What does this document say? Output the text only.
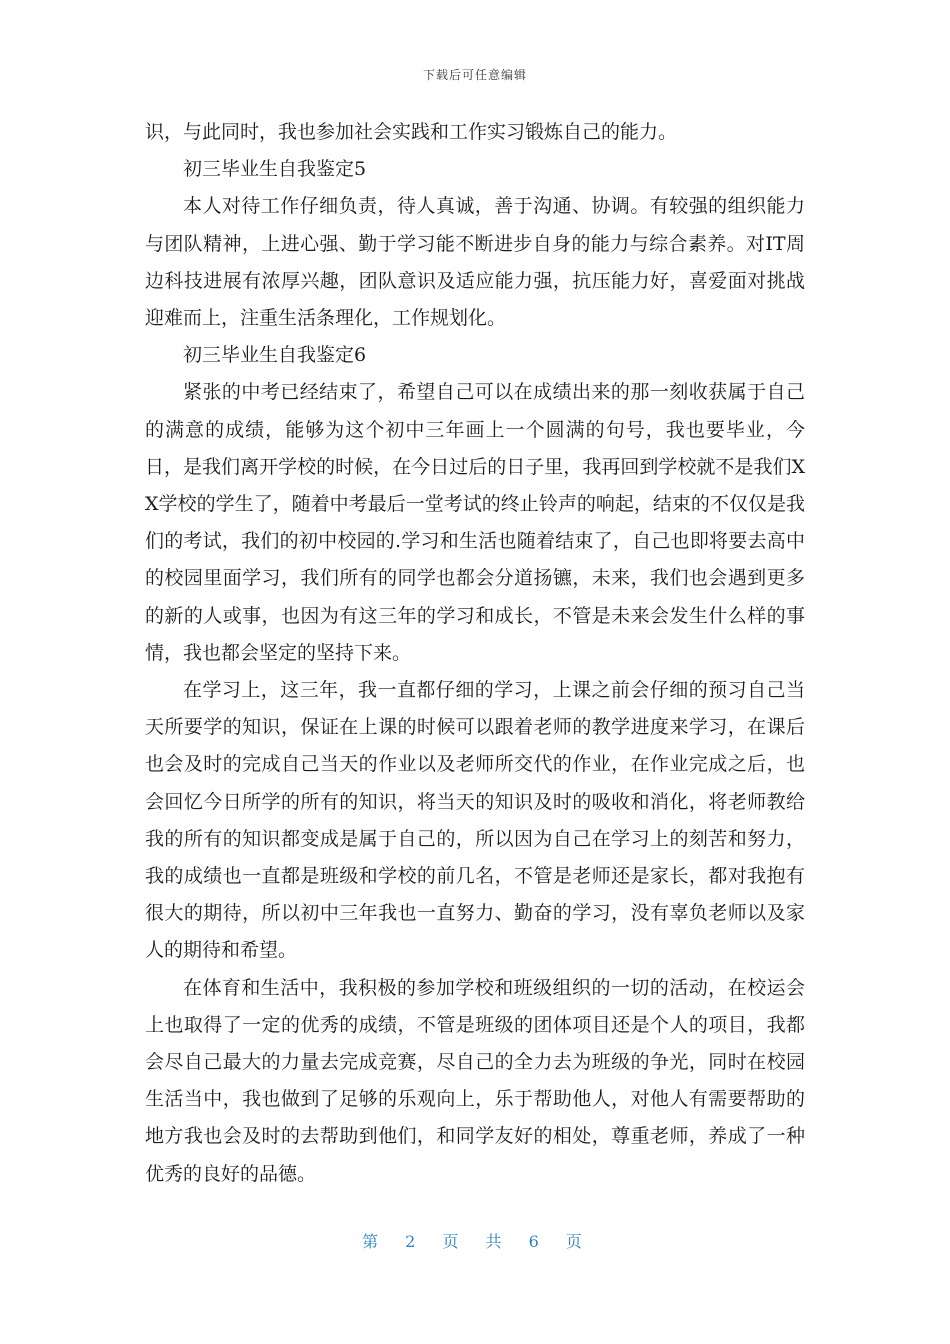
下载后可任意编辑

识，与此同时，我也参加社会实践和工作实习锻炼自己的能力。

初三毕业生自我鉴定5

本人对待工作仔细负责，待人真诚，善于沟通、协调。有较强的组织能力与团队精神，上进心强、勤于学习能不断进步自身的能力与综合素养。对IT周边科技进展有浓厚兴趣，团队意识及适应能力强，抗压能力好，喜爱面对挑战迎难而上，注重生活条理化，工作规划化。

初三毕业生自我鉴定6

紧张的中考已经结束了，希望自己可以在成绩出来的那一刻收获属于自己的满意的成绩，能够为这个初中三年画上一个圆满的句号，我也要毕业，今日，是我们离开学校的时候，在今日过后的日子里，我再回到学校就不是我们XX学校的学生了，随着中考最后一堂考试的终止铃声的响起，结束的不仅仅是我们的考试，我们的初中校园的.学习和生活也随着结束了，自己也即将要去高中的校园里面学习，我们所有的同学也都会分道扬镳，未来，我们也会遇到更多的新的人或事，也因为有这三年的学习和成长，不管是未来会发生什么样的事情，我也都会坚定的坚持下来。

在学习上，这三年，我一直都仔细的学习，上课之前会仔细的预习自己当天所要学的知识，保证在上课的时候可以跟着老师的教学进度来学习，在课后也会及时的完成自己当天的作业以及老师所交代的作业，在作业完成之后，也会回忆今日所学的所有的知识，将当天的知识及时的吸收和消化，将老师教给我的所有的知识都变成是属于自己的，所以因为自己在学习上的刻苦和努力，我的成绩也一直都是班级和学校的前几名，不管是老师还是家长，都对我抱有很大的期待，所以初中三年我也一直努力、勤奋的学习，没有辜负老师以及家人的期待和希望。

在体育和生活中，我积极的参加学校和班级组织的一切的活动，在校运会上也取得了一定的优秀的成绩，不管是班级的团体项目还是个人的项目，我都会尽自己最大的力量去完成竞赛，尽自己的全力去为班级的争光，同时在校园生活当中，我也做到了足够的乐观向上，乐于帮助他人，对他人有需要帮助的地方我也会及时的去帮助到他们，和同学友好的相处，尊重老师，养成了一种优秀的良好的品德。

第 2 页 共 6 页
